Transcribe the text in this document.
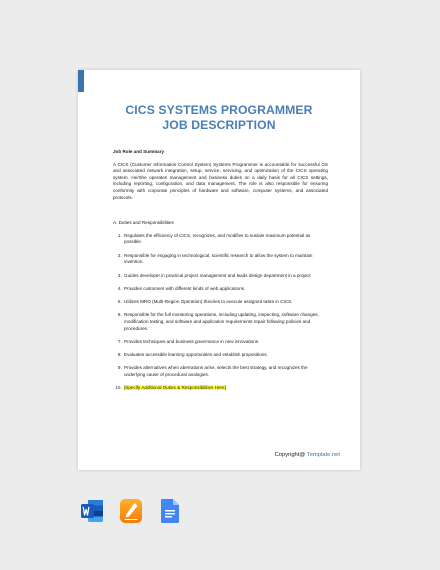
CICS SYSTEMS PROGRAMMER
JOB DESCRIPTION
Job Role and Summary
A CICS (Customer Information Control System) Systems Programmer is accountable for successful OS and associated network integration, setup, service, servicing, and optimization of the CICS operating system. He/She operates management and business duties on a daily basis for all CICS settings, including reporting, configuration, and data management. The role is also responsible for ensuring conformity with corporate principles of hardware and software, computer systems, and associated protocols.
A. Duties and Responsibilities
1. Regulates the efficiency of CICS, recognizes, and modifies to sustain maximum potential as possible.
2. Responsible for engaging in technological, scientific research to allow the system to maintain invention.
3. Guides developer in practical project management and leads design department in a project
4. Provides customers with different kinds of web applications.
5. Utilizes MRO (Multi-Region Operation) theories to execute assigned tasks in CICS.
6. Responsible for the full monitoring operations, including updating, inspecting, software changes, modification testing, and software and application requirements repair following policies and procedures.
7. Provides techniques and business governance in new innovations.
8. Evaluates accessible learning opportunities and establish propositions.
9. Provides alternatives when aberrations arise, selects the best strategy, and recognizes the underlying cause of procedural analogies.
10. [Specify Additional Duties & Responsibilities Here]
Copyright@ Template.net
